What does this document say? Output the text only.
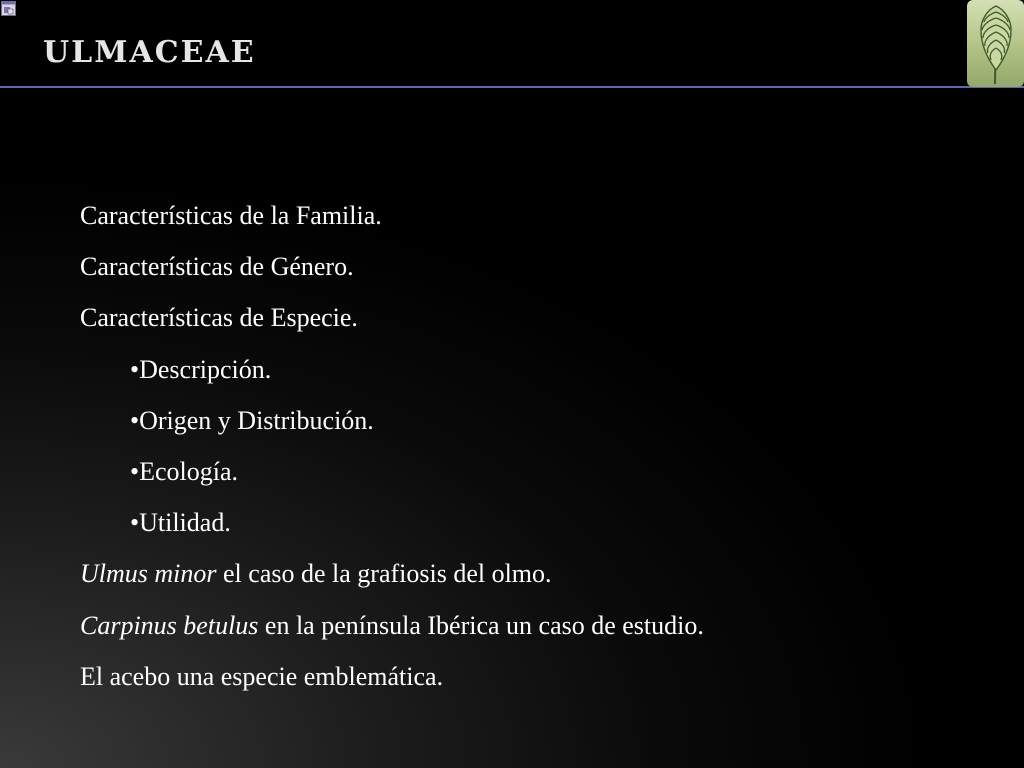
ULMACEAE
Características de la Familia.
Características de Género.
Características de Especie.
•Descripción.
•Origen y Distribución.
•Ecología.
•Utilidad.
Ulmus minor el caso de la grafiosis del olmo.
Carpinus betulus en la península Ibérica un caso de estudio.
El acebo una especie emblemática.
